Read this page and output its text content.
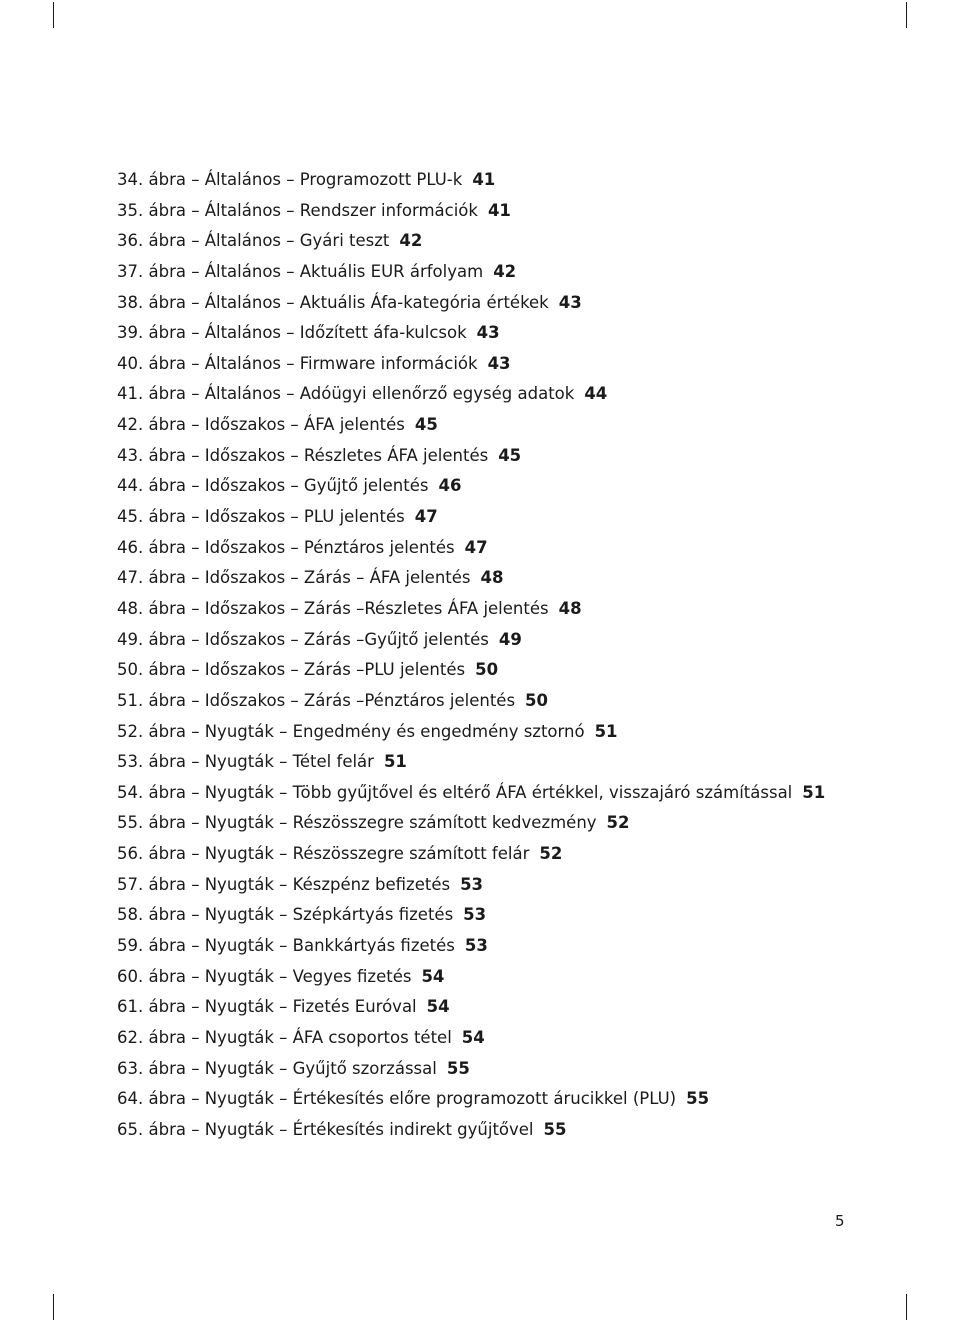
34. ábra – Általános – Programozott PLU-k 41
35. ábra – Általános – Rendszer információk 41
36. ábra – Általános – Gyári teszt 42
37. ábra – Általános – Aktuális EUR árfolyam 42
38. ábra – Általános – Aktuális Áfa-kategória értékek 43
39. ábra – Általános – Időzített áfa-kulcsok 43
40. ábra – Általános – Firmware információk 43
41. ábra – Általános – Adóügyi ellenőrző egység adatok 44
42. ábra – Időszakos – ÁFA jelentés 45
43. ábra – Időszakos – Részletes ÁFA jelentés 45
44. ábra – Időszakos – Gyűjtő jelentés 46
45. ábra – Időszakos – PLU jelentés 47
46. ábra – Időszakos – Pénztáros jelentés 47
47. ábra – Időszakos – Zárás – ÁFA jelentés 48
48. ábra – Időszakos – Zárás –Részletes ÁFA jelentés 48
49. ábra – Időszakos – Zárás –Gyűjtő jelentés 49
50. ábra – Időszakos – Zárás –PLU jelentés 50
51. ábra – Időszakos – Zárás –Pénztáros jelentés 50
52. ábra – Nyugták – Engedmény és engedmény sztornó 51
53. ábra – Nyugták – Tétel felár 51
54. ábra – Nyugták – Több gyűjtővel és eltérő ÁFA értékkel, visszajáró számítással 51
55. ábra – Nyugták – Részösszegre számított kedvezmény 52
56. ábra – Nyugták – Részösszegre számított felár 52
57. ábra – Nyugták – Készpénz befizetés 53
58. ábra – Nyugták – Szépkártyás fizetés 53
59. ábra – Nyugták – Bankkártyás fizetés 53
60. ábra – Nyugták – Vegyes fizetés 54
61. ábra – Nyugták – Fizetés Euróval 54
62. ábra – Nyugták – ÁFA csoportos tétel 54
63. ábra – Nyugták – Gyűjtő szorzással 55
64. ábra – Nyugták – Értékesítés előre programozott árucikkel (PLU) 55
65. ábra – Nyugták – Értékesítés indirekt gyűjtővel 55
5
